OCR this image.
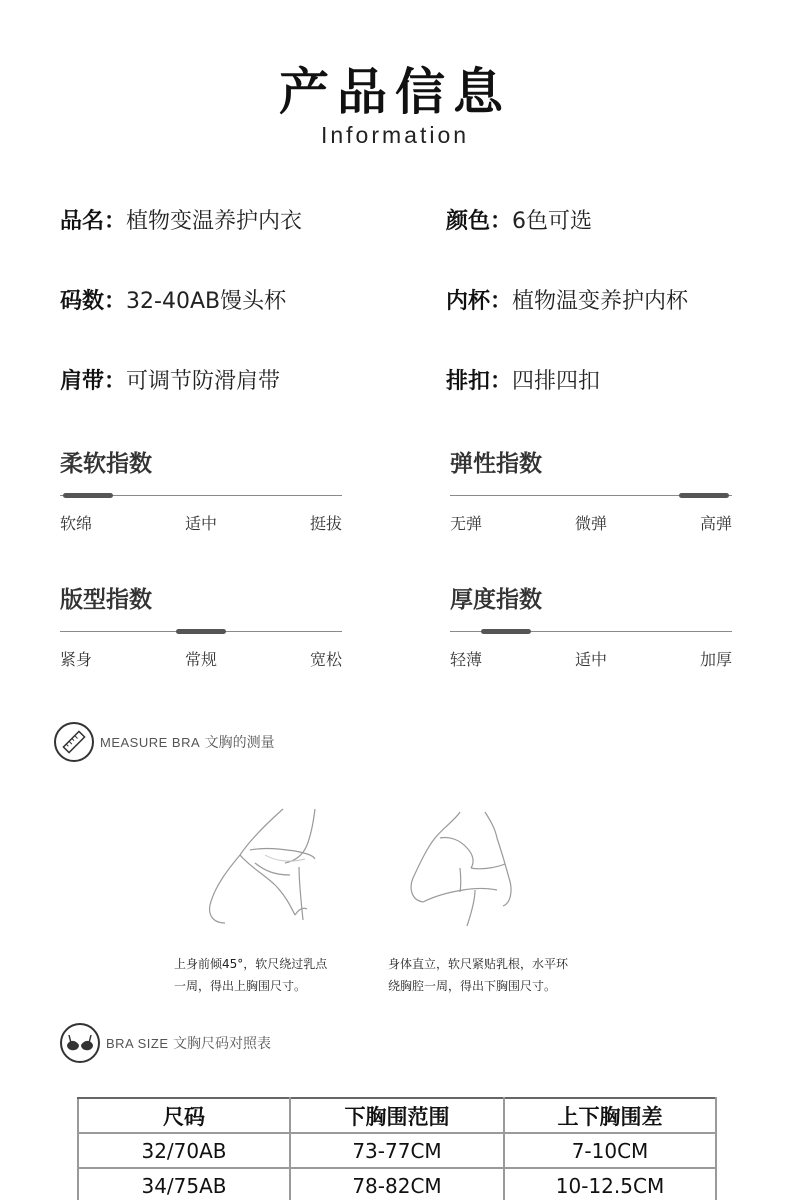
产品信息
Information
品名：植物变温养护内衣	颜色：6色可选
码数：32-40AB馒头杯	内杯：植物温变养护内杯
肩带：可调节防滑肩带	排扣：四排四扣
柔软指数
软绵	适中	挺拔
弹性指数
无弹	微弹	高弹
版型指数
紧身	常规	宽松
厚度指数
轻薄	适中	加厚
MEASURE BRA 文胸的测量
上身前倾45°，软尺绕过乳点
一周，得出上胸围尺寸。
身体直立，软尺紧贴乳根，水平环
绕胸腔一周，得出下胸围尺寸。
BRA SIZE 文胸尺码对照表
尺码	下胸围范围	上下胸围差
32/70AB	73-77CM	7-10CM
34/75AB	78-82CM	10-12.5CM
